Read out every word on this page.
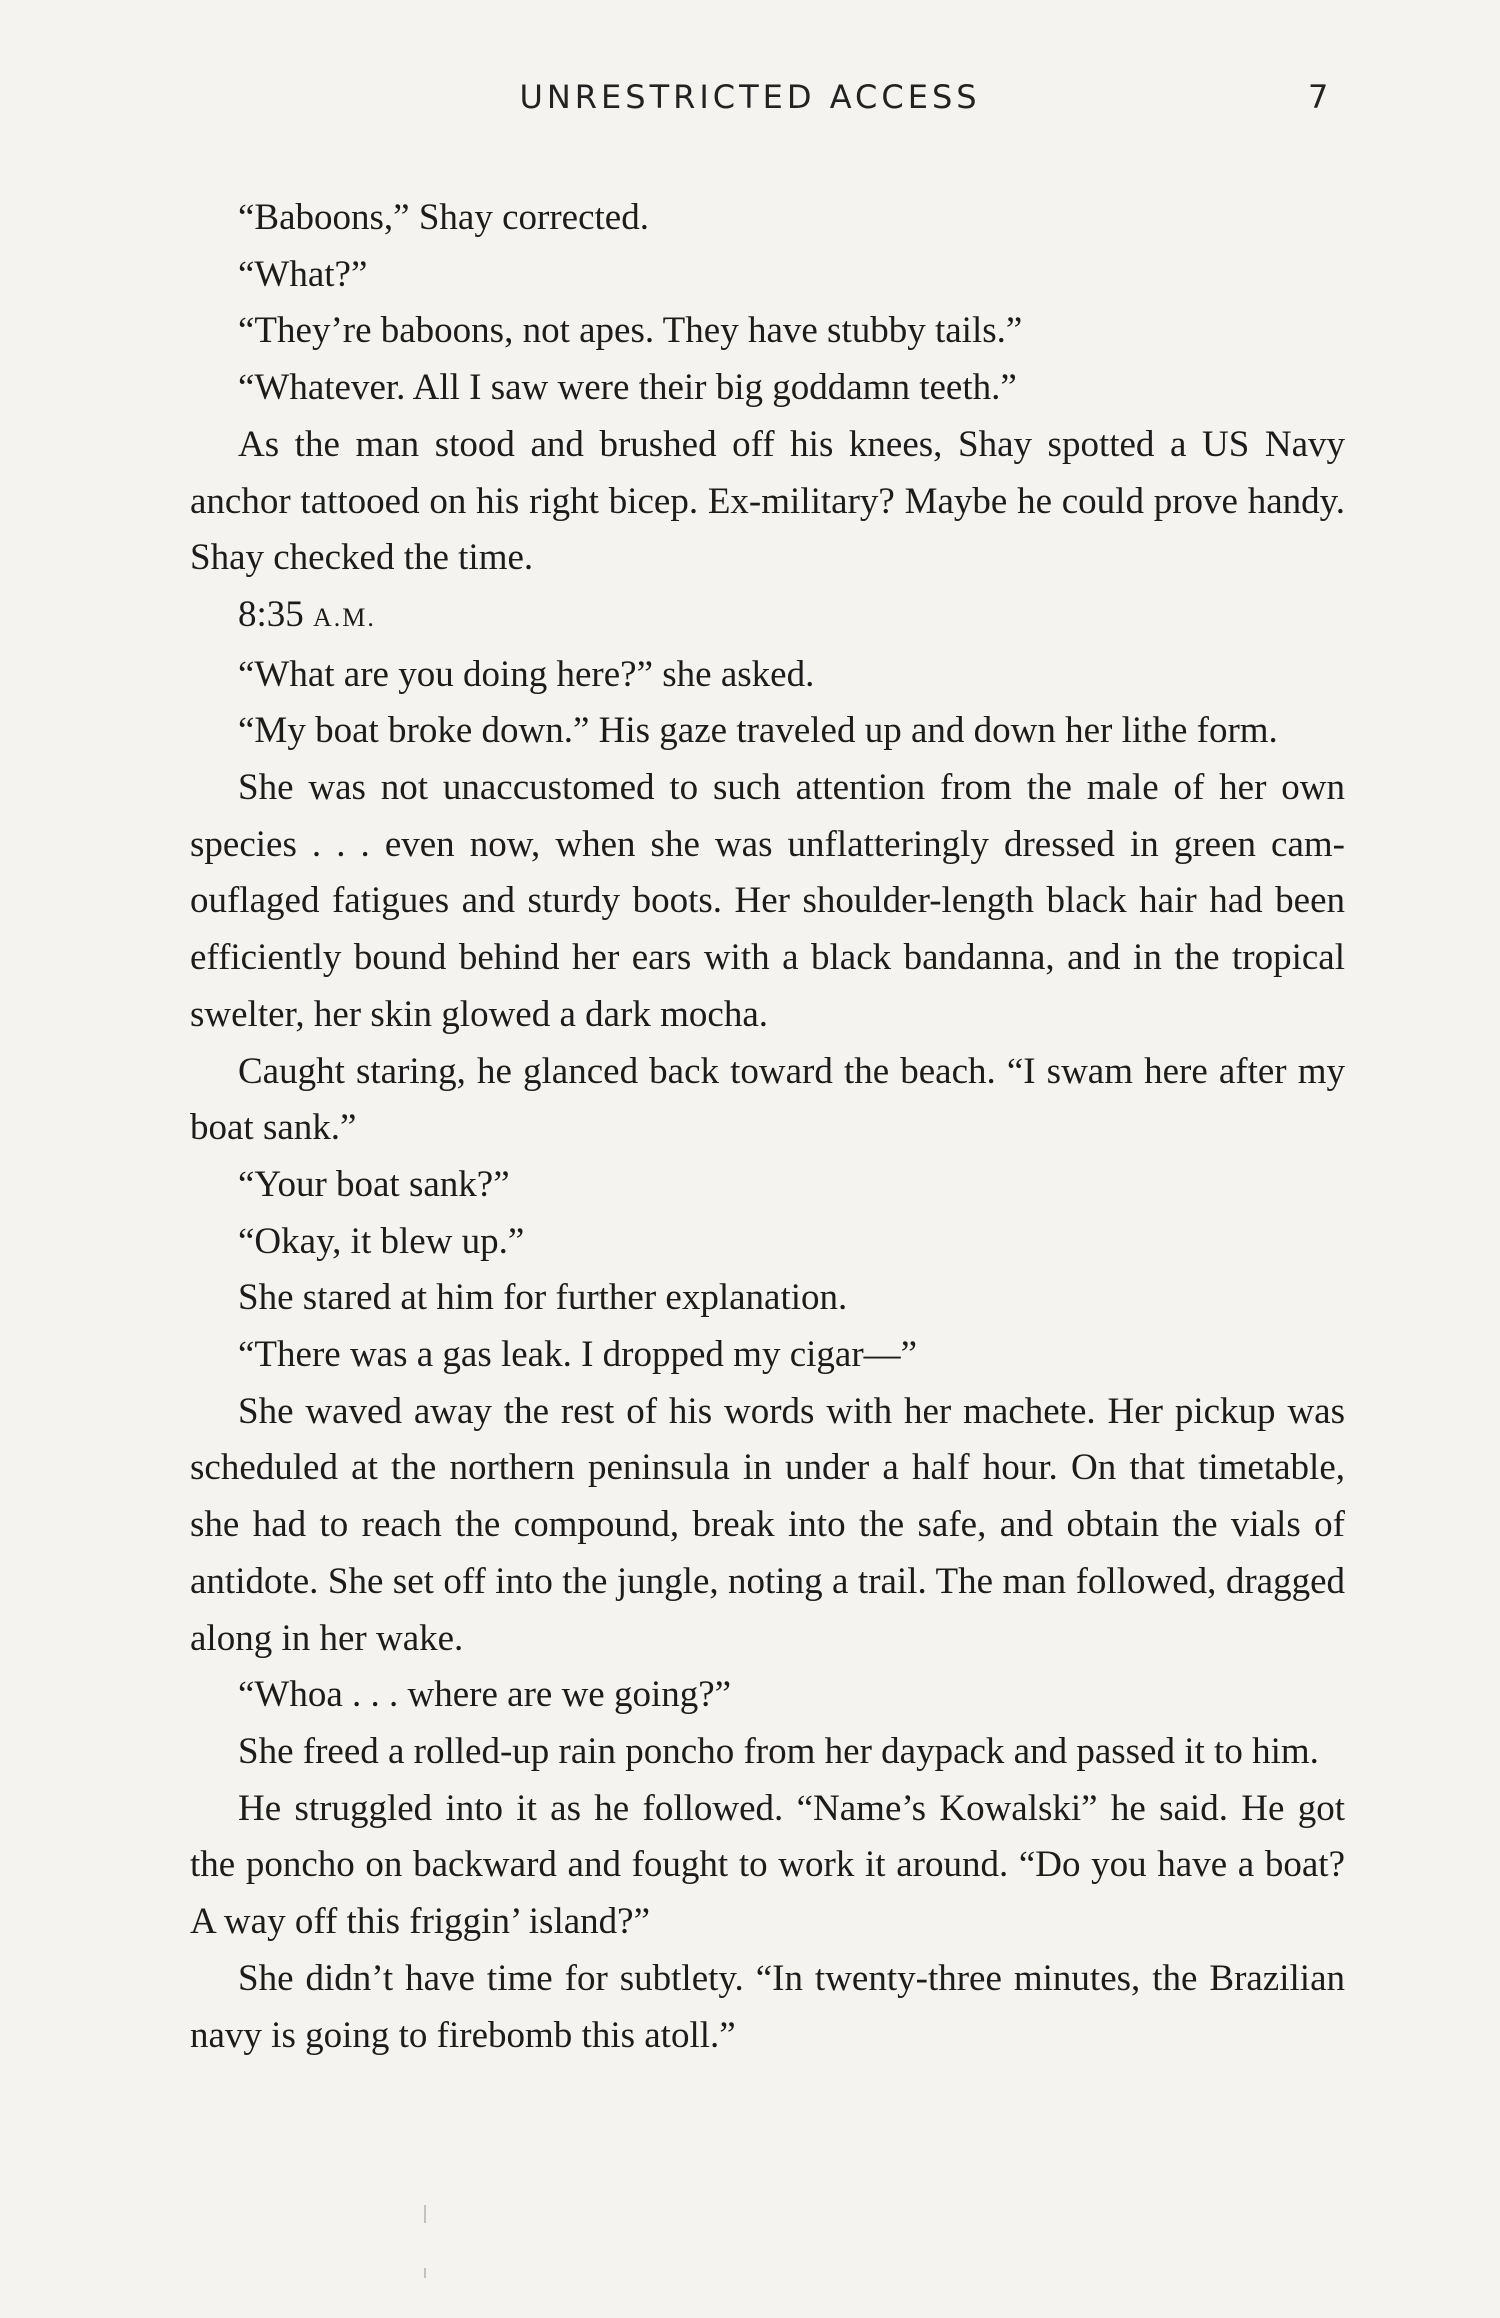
UNRESTRICTED ACCESS	7

“Baboons,” Shay corrected.

“What?”

“They’re baboons, not apes. They have stubby tails.”

“Whatever. All I saw were their big goddamn teeth.”

As the man stood and brushed off his knees, Shay spotted a US Navy anchor tattooed on his right bicep. Ex-military? Maybe he could prove handy. Shay checked the time.

8:35 A.M.

“What are you doing here?” she asked.

“My boat broke down.” His gaze traveled up and down her lithe form.

She was not unaccustomed to such attention from the male of her own species . . . even now, when she was unflatteringly dressed in green camouflaged fatigues and sturdy boots. Her shoulder-length black hair had been efficiently bound behind her ears with a black bandanna, and in the tropical swelter, her skin glowed a dark mocha.

Caught staring, he glanced back toward the beach. “I swam here after my boat sank.”

“Your boat sank?”

“Okay, it blew up.”

She stared at him for further explanation.

“There was a gas leak. I dropped my cigar—”

She waved away the rest of his words with her machete. Her pickup was scheduled at the northern peninsula in under a half hour. On that timetable, she had to reach the compound, break into the safe, and obtain the vials of antidote. She set off into the jungle, noting a trail. The man followed, dragged along in her wake.

“Whoa . . . where are we going?”

She freed a rolled-up rain poncho from her daypack and passed it to him.

He struggled into it as he followed. “Name’s Kowalski” he said. He got the poncho on backward and fought to work it around. “Do you have a boat? A way off this friggin’ island?”

She didn’t have time for subtlety. “In twenty-three minutes, the Brazilian navy is going to firebomb this atoll.”
